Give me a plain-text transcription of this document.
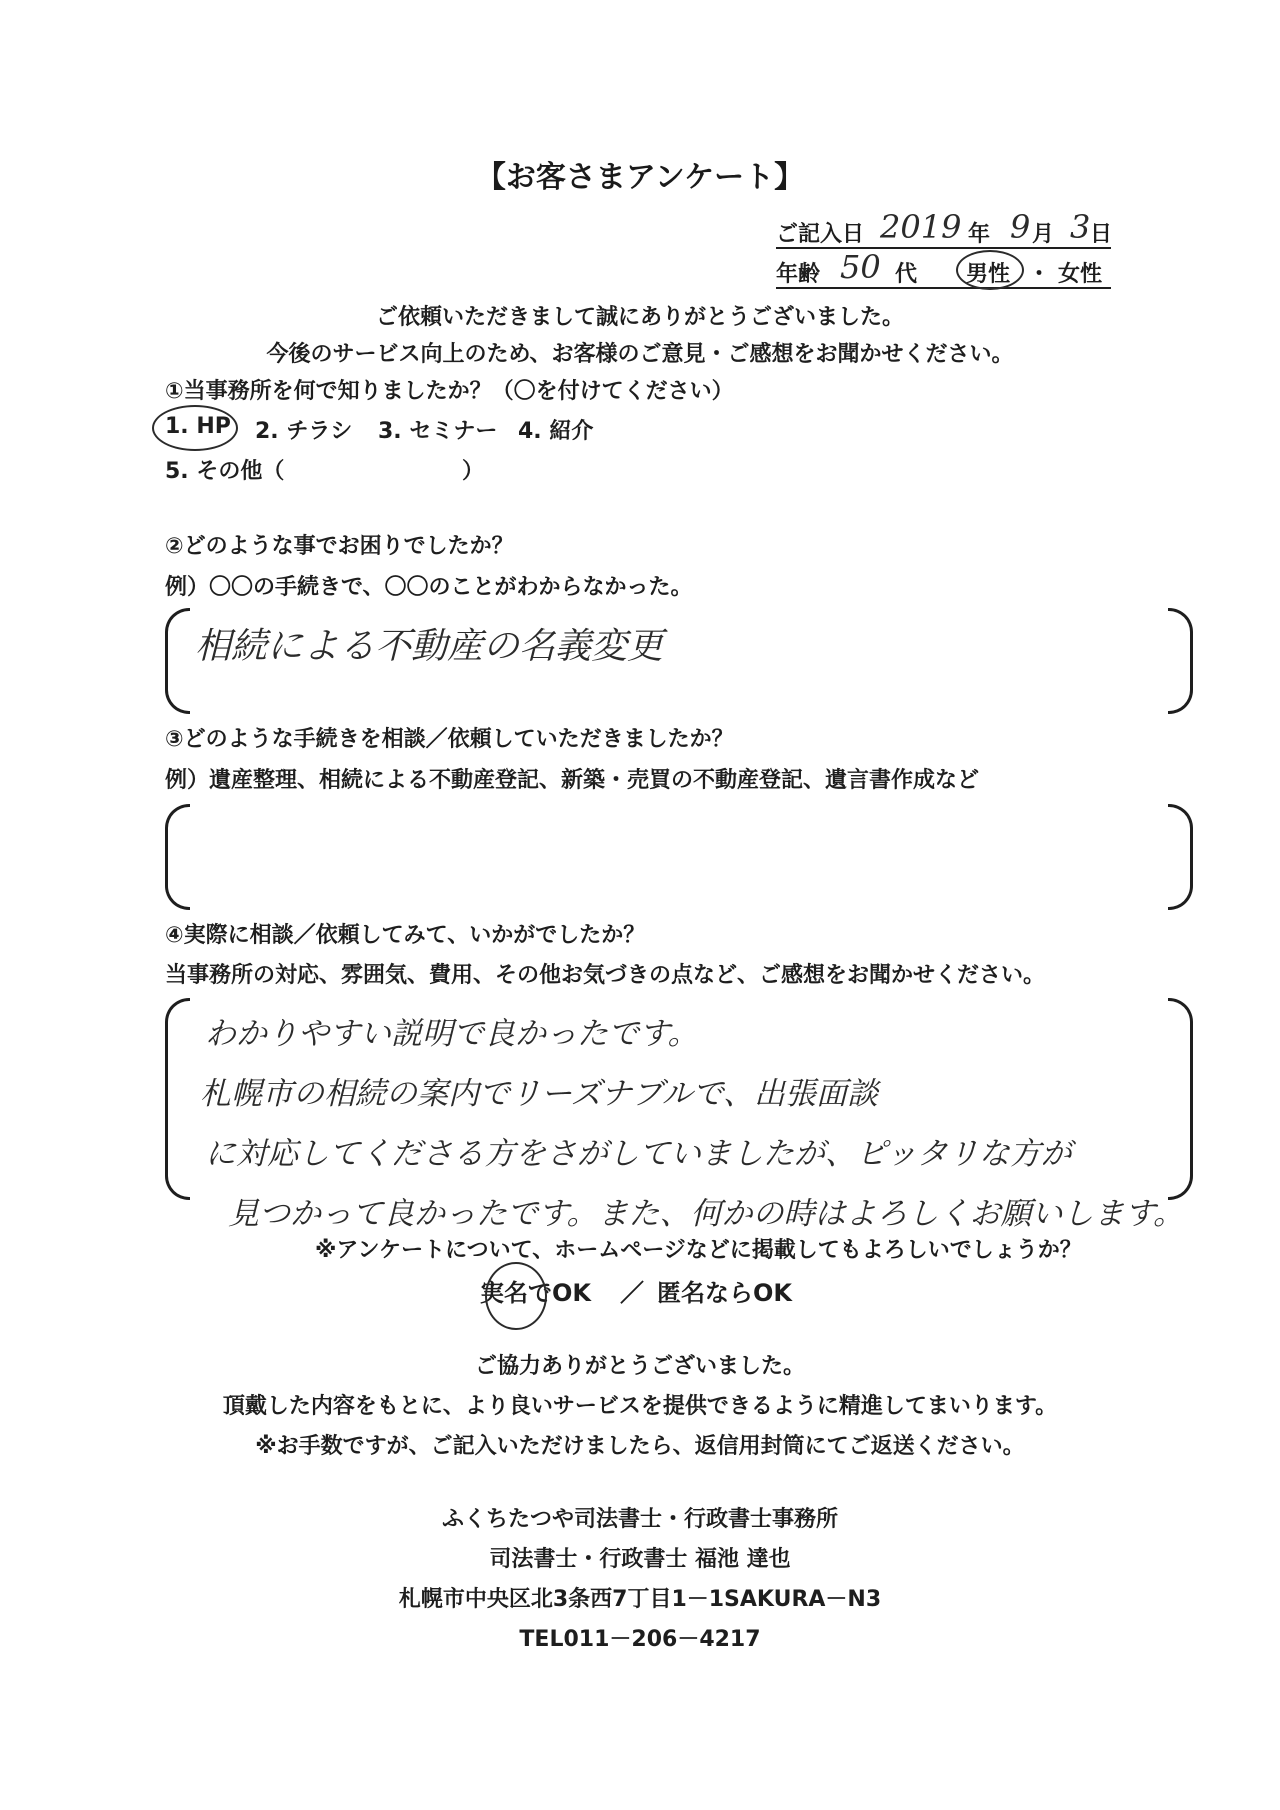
【お客さまアンケート】
ご記入日 2019 年 9 月 3 日
年齢 50 代 男性 ・ 女性
ご依頼いただきまして誠にありがとうございました。
今後のサービス向上のため、お客様のご意見・ご感想をお聞かせください。
①当事務所を何で知りましたか？（〇を付けてください）
1. HP 2. チラシ 3. セミナー 4. 紹介
5. その他（	）
②どのような事でお困りでしたか？
例）〇〇の手続きで、〇〇のことがわからなかった。
相続による不動産の名義変更
③どのような手続きを相談／依頼していただきましたか？
例）遺産整理、相続による不動産登記、新築・売買の不動産登記、遺言書作成など
④実際に相談／依頼してみて、いかがでしたか？
当事務所の対応、雰囲気、費用、その他お気づきの点など、ご感想をお聞かせください。
わかりやすい説明で良かったです。
札幌市の相続の案内でリーズナブルで、出張面談
に対応してくださる方をさがしていましたが、ピッタリな方が
見つかって良かったです。また、何かの時はよろしくお願いします。
※アンケートについて、ホームページなどに掲載してもよろしいでしょうか？
実名でOK ／ 匿名ならOK
ご協力ありがとうございました。
頂戴した内容をもとに、より良いサービスを提供できるように精進してまいります。
※お手数ですが、ご記入いただけましたら、返信用封筒にてご返送ください。
ふくちたつや司法書士・行政書士事務所
司法書士・行政書士 福池 達也
札幌市中央区北3条西7丁目1－1SAKURA－N3
TEL011－206－4217
